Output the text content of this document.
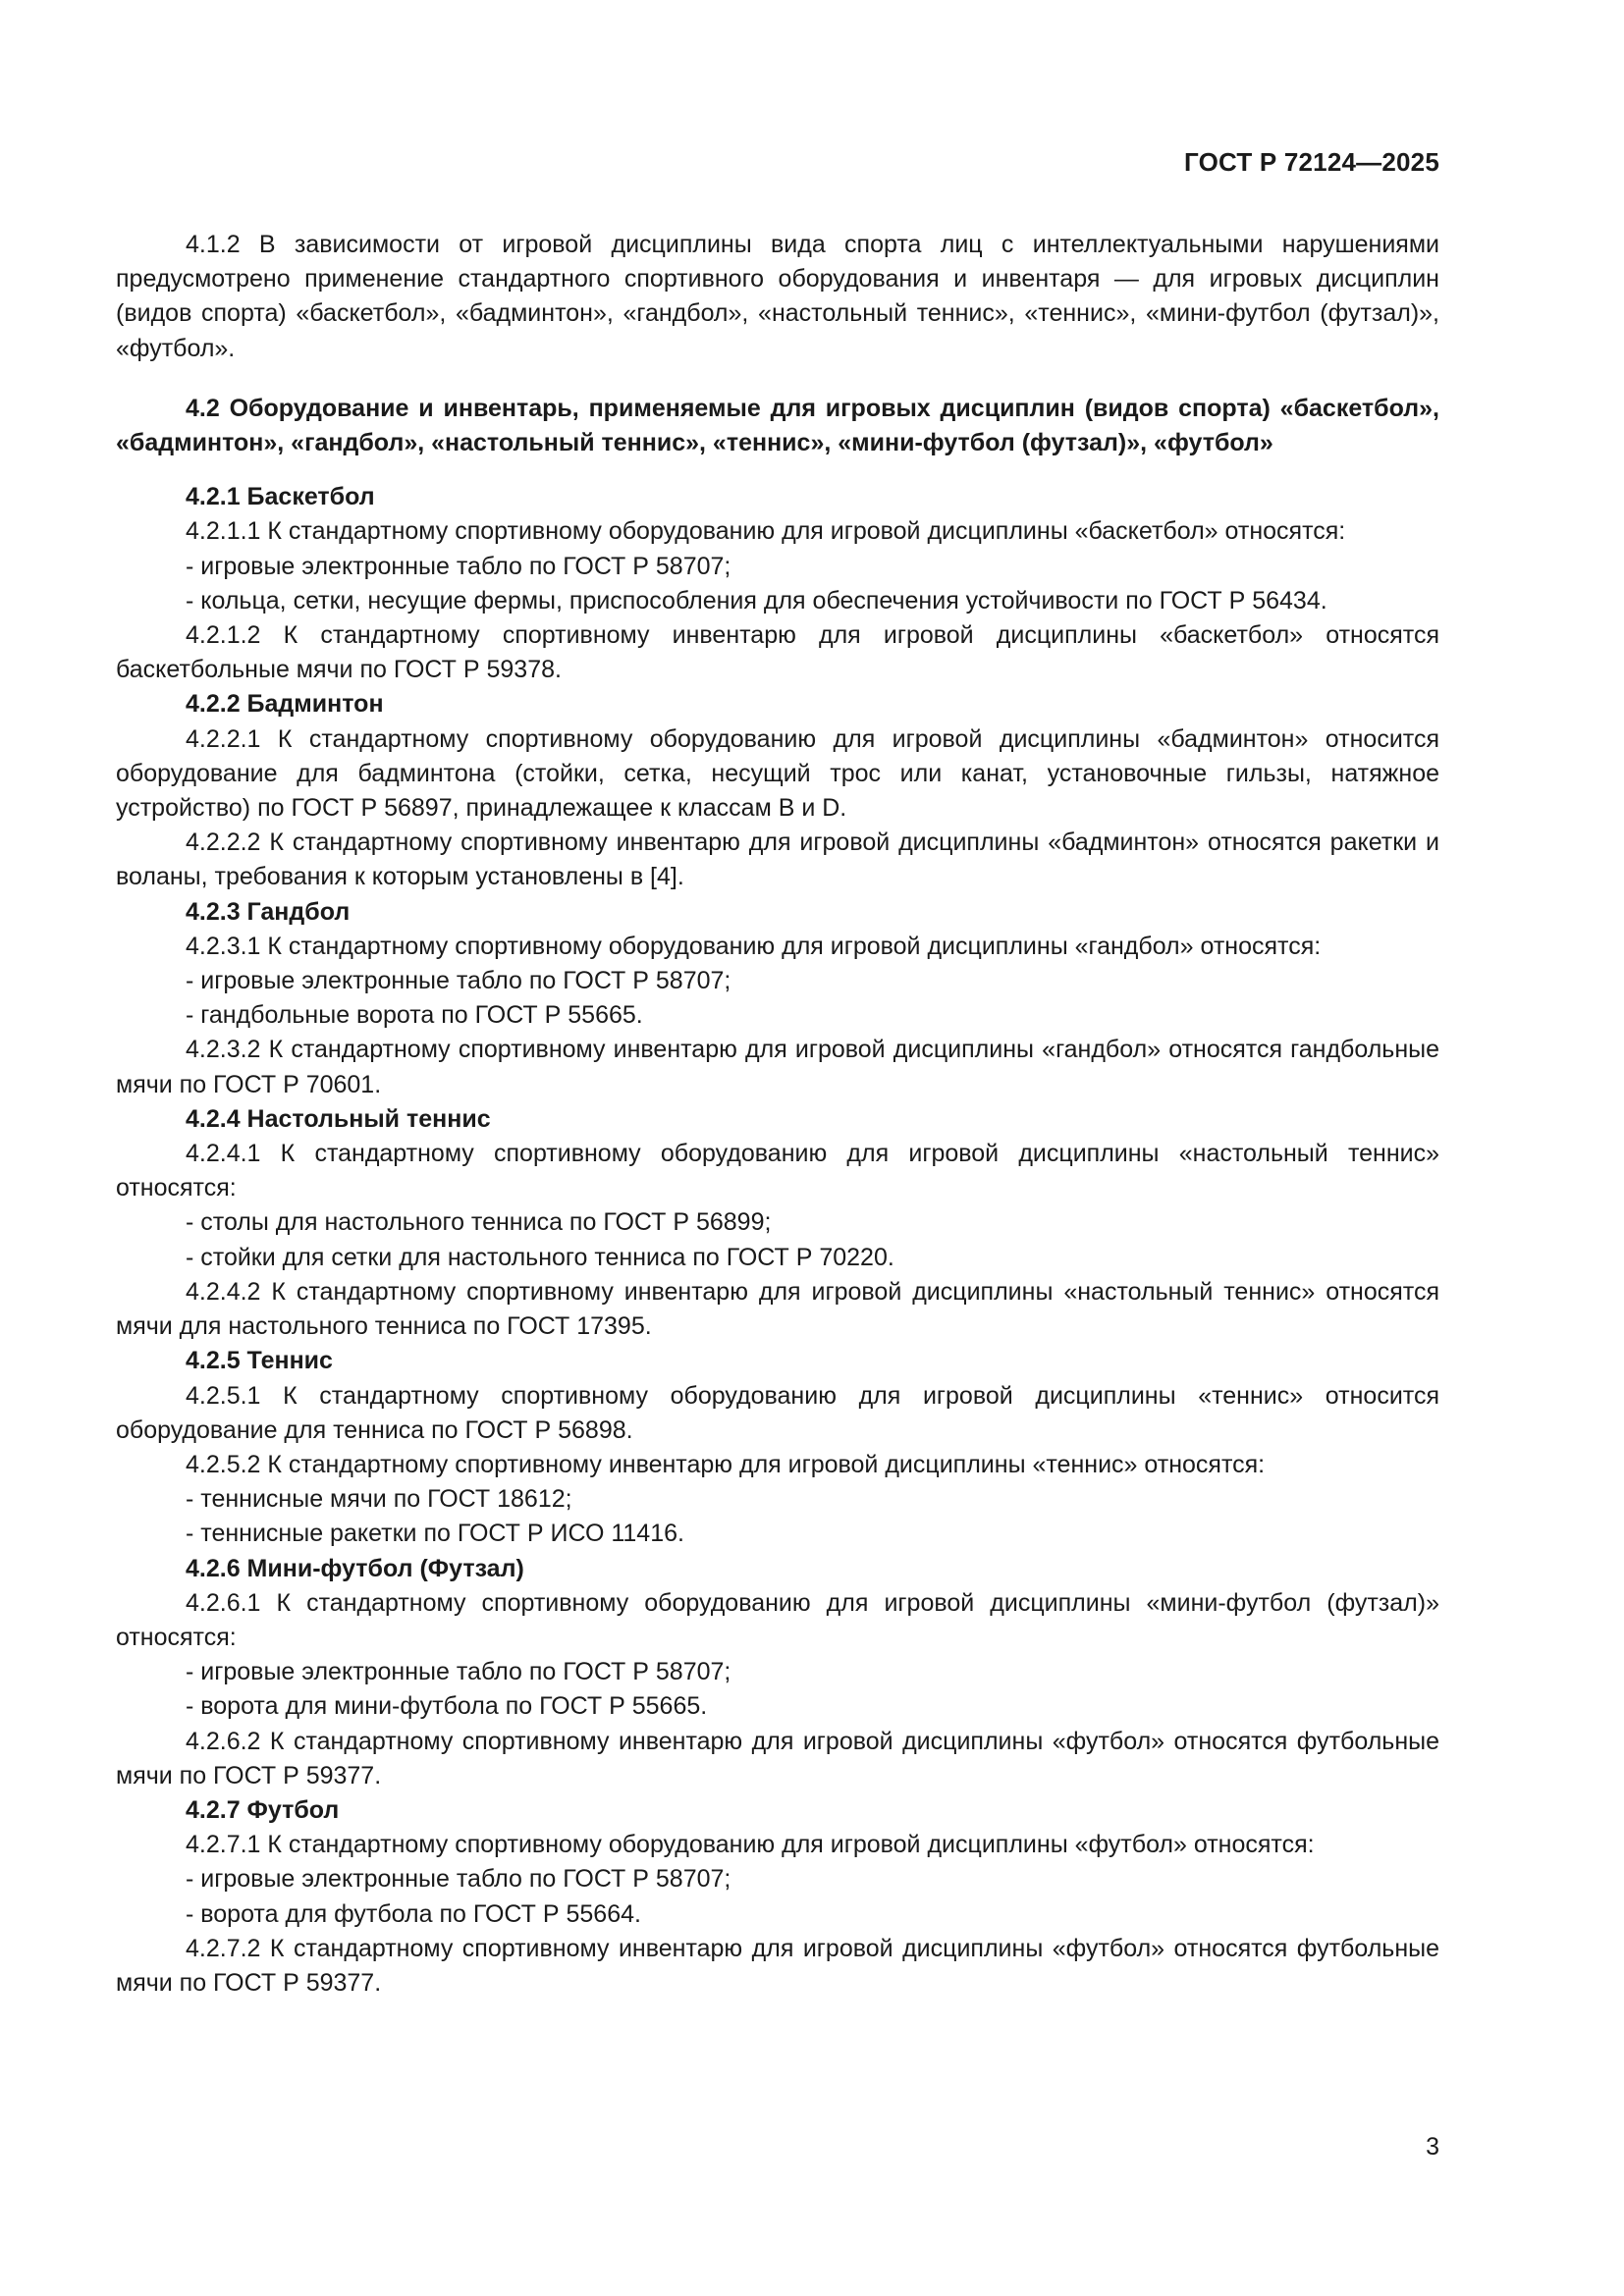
ГОСТ Р 72124—2025

4.1.2 В зависимости от игровой дисциплины вида спорта лиц с интеллектуальными нарушениями предусмотрено применение стандартного спортивного оборудования и инвентаря — для игровых дисциплин (видов спорта) «баскетбол», «бадминтон», «гандбол», «настольный теннис», «теннис», «мини-футбол (футзал)», «футбол».

4.2 Оборудование и инвентарь, применяемые для игровых дисциплин (видов спорта) «баскетбол», «бадминтон», «гандбол», «настольный теннис», «теннис», «мини-футбол (футзал)», «футбол»

4.2.1 Баскетбол

4.2.1.1 К стандартному спортивному оборудованию для игровой дисциплины «баскетбол» относятся:

- игровые электронные табло по ГОСТ Р 58707;

- кольца, сетки, несущие фермы, приспособления для обеспечения устойчивости по ГОСТ Р 56434.

4.2.1.2 К стандартному спортивному инвентарю для игровой дисциплины «баскетбол» относятся баскетбольные мячи по ГОСТ Р 59378.

4.2.2 Бадминтон

4.2.2.1 К стандартному спортивному оборудованию для игровой дисциплины «бадминтон» относится оборудование для бадминтона (стойки, сетка, несущий трос или канат, установочные гильзы, натяжное устройство) по ГОСТ Р 56897, принадлежащее к классам В и D.

4.2.2.2 К стандартному спортивному инвентарю для игровой дисциплины «бадминтон» относятся ракетки и воланы, требования к которым установлены в [4].

4.2.3 Гандбол

4.2.3.1 К стандартному спортивному оборудованию для игровой дисциплины «гандбол» относятся:

- игровые электронные табло по ГОСТ Р 58707;

- гандбольные ворота по ГОСТ Р 55665.

4.2.3.2 К стандартному спортивному инвентарю для игровой дисциплины «гандбол» относятся гандбольные мячи по ГОСТ Р 70601.

4.2.4 Настольный теннис

4.2.4.1 К стандартному спортивному оборудованию для игровой дисциплины «настольный теннис» относятся:

- столы для настольного тенниса по ГОСТ Р 56899;

- стойки для сетки для настольного тенниса по ГОСТ Р 70220.

4.2.4.2 К стандартному спортивному инвентарю для игровой дисциплины «настольный теннис» относятся мячи для настольного тенниса по ГОСТ 17395.

4.2.5 Теннис

4.2.5.1 К стандартному спортивному оборудованию для игровой дисциплины «теннис» относится оборудование для тенниса по ГОСТ Р 56898.

4.2.5.2 К стандартному спортивному инвентарю для игровой дисциплины «теннис» относятся:

- теннисные мячи по ГОСТ 18612;

- теннисные ракетки по ГОСТ Р ИСО 11416.

4.2.6 Мини-футбол (Футзал)

4.2.6.1 К стандартному спортивному оборудованию для игровой дисциплины «мини-футбол (футзал)» относятся:

- игровые электронные табло по ГОСТ Р 58707;

- ворота для мини-футбола по ГОСТ Р 55665.

4.2.6.2 К стандартному спортивному инвентарю для игровой дисциплины «футбол» относятся футбольные мячи по ГОСТ Р 59377.

4.2.7 Футбол

4.2.7.1 К стандартному спортивному оборудованию для игровой дисциплины «футбол» относятся:

- игровые электронные табло по ГОСТ Р 58707;

- ворота для футбола по ГОСТ Р 55664.

4.2.7.2 К стандартному спортивному инвентарю для игровой дисциплины «футбол» относятся футбольные мячи по ГОСТ Р 59377.

3
